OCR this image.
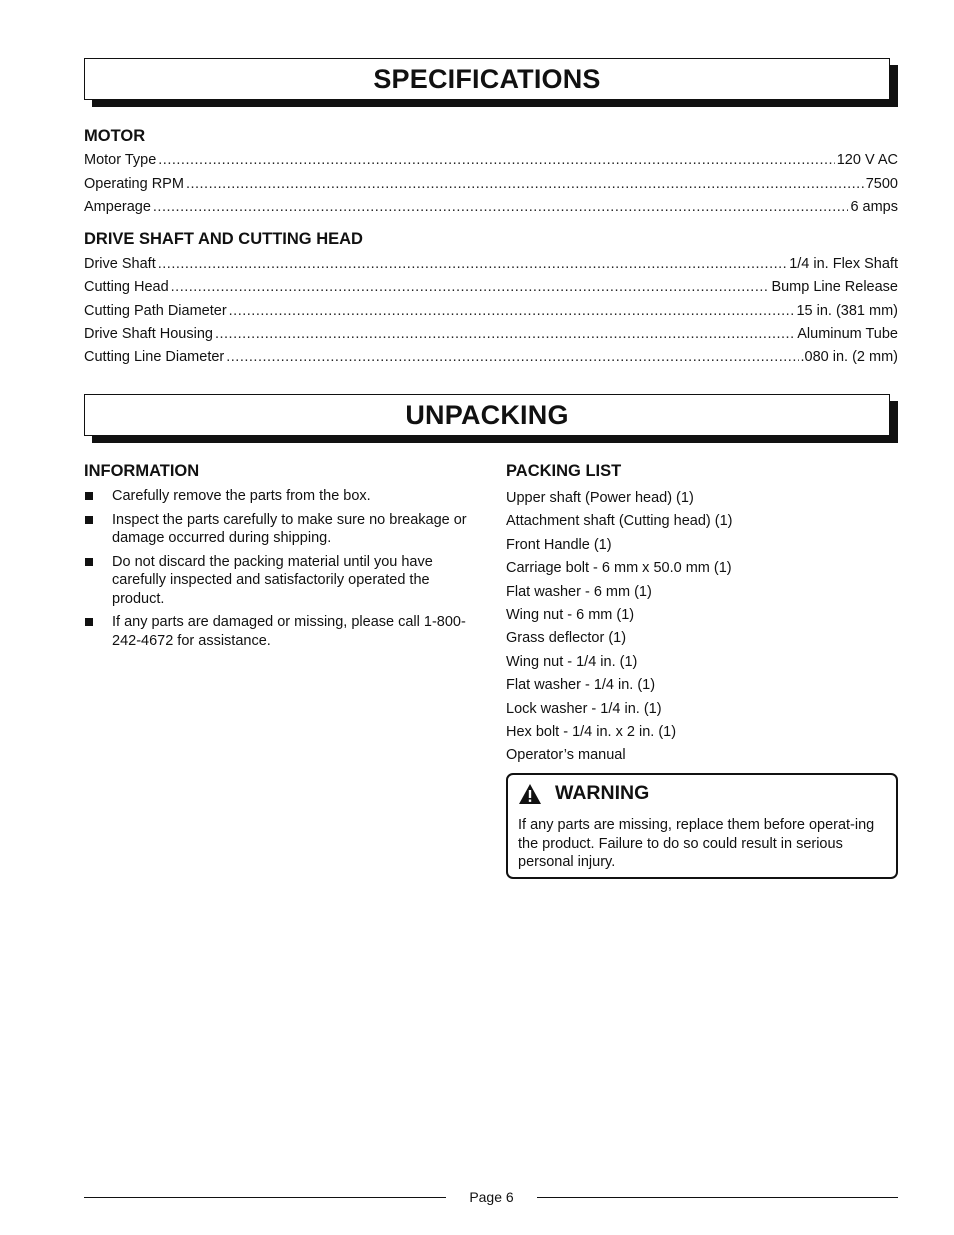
SPECIFICATIONS
MOTOR
Motor Type .....	120 V AC
Operating RPM .....	7500
Amperage .....	6 amps
DRIVE SHAFT AND CUTTING HEAD
Drive Shaft .....	1/4 in. Flex Shaft
Cutting Head .....	Bump Line Release
Cutting Path Diameter .....	15 in. (381 mm)
Drive Shaft Housing .....	Aluminum Tube
Cutting Line Diameter .....	.080 in. (2 mm)
UNPACKING
INFORMATION
Carefully remove the parts from the box.
Inspect the parts carefully to make sure no breakage or damage occurred during shipping.
Do not discard the packing material until you have carefully inspected and satisfactorily operated the product.
If any parts are damaged or missing, please call 1-800-242-4672 for assistance.
PACKING LIST
Upper shaft (Power head) (1)
Attachment shaft (Cutting head) (1)
Front Handle (1)
Carriage bolt - 6 mm x 50.0 mm (1)
Flat washer - 6 mm (1)
Wing nut - 6 mm (1)
Grass deflector (1)
Wing nut - 1/4 in. (1)
Flat washer - 1/4 in. (1)
Lock washer - 1/4 in. (1)
Hex bolt - 1/4 in. x 2 in. (1)
Operator’s manual
WARNING

If any parts are missing, replace them before operat-ing the product. Failure to do so could result in serious personal injury.

Page 6
